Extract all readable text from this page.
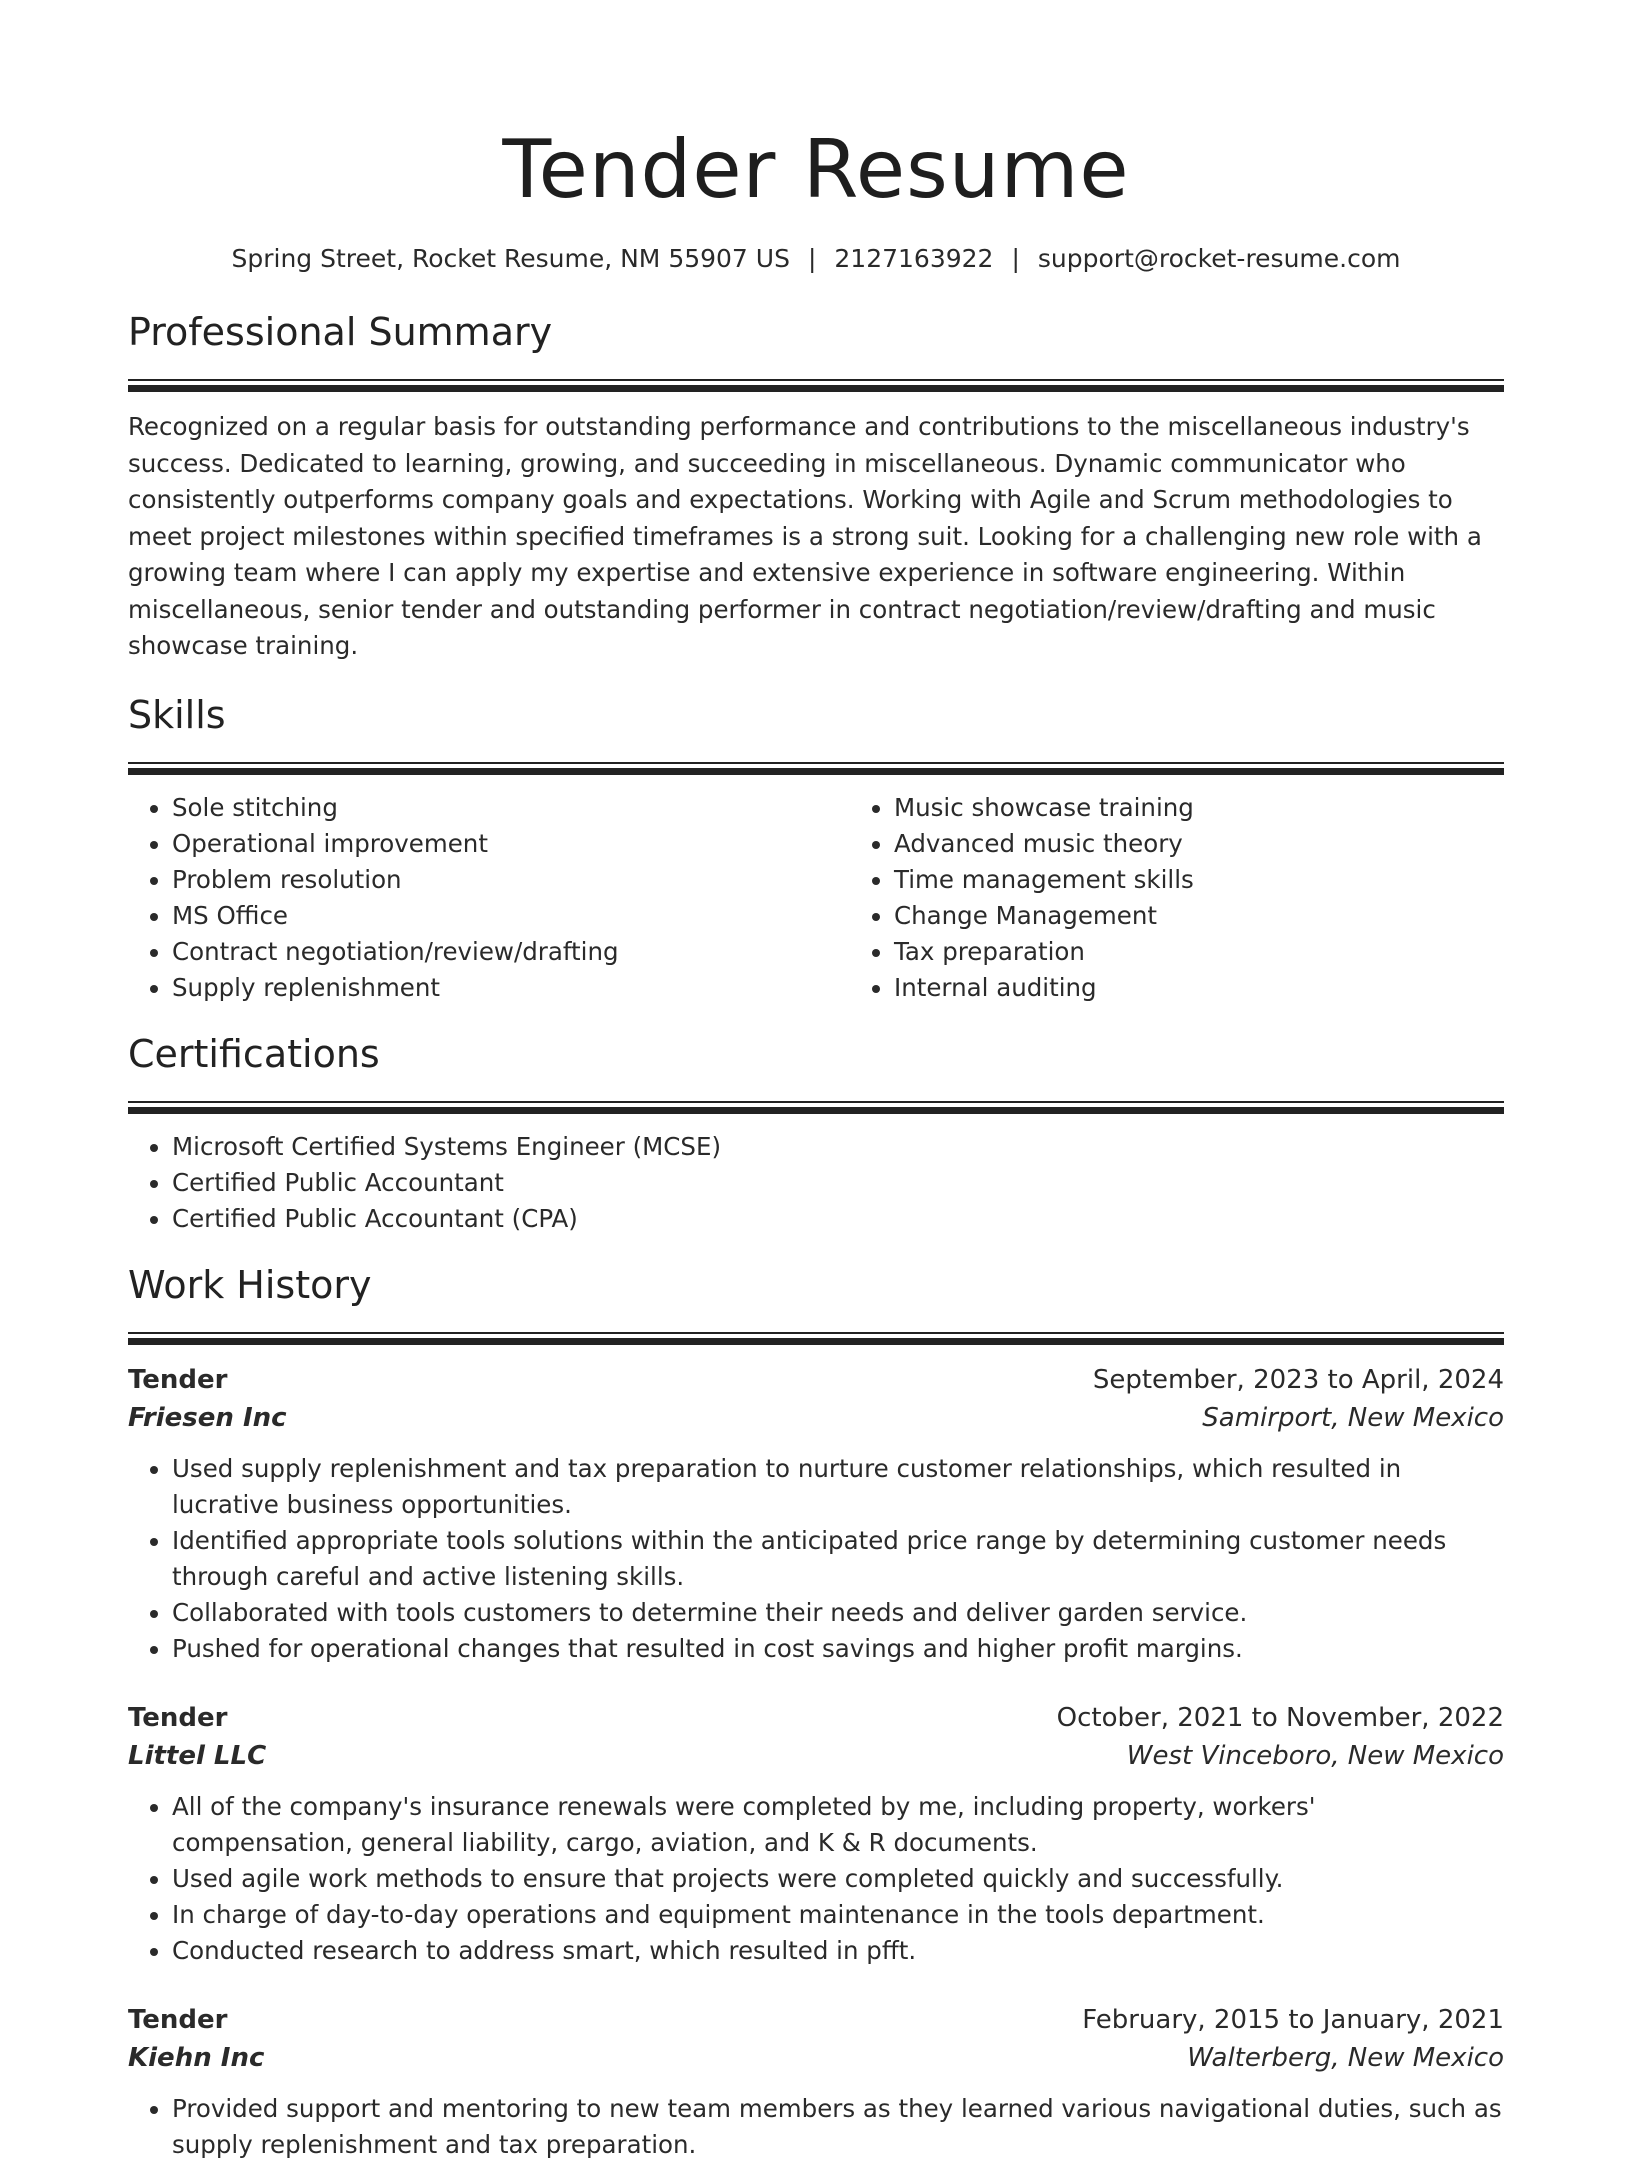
Tender Resume
Spring Street, Rocket Resume, NM 55907 US | 2127163922 | support@rocket-resume.com
Professional Summary

Recognized on a regular basis for outstanding performance and contributions to the miscellaneous industry's success. Dedicated to learning, growing, and succeeding in miscellaneous. Dynamic communicator who consistently outperforms company goals and expectations. Working with Agile and Scrum methodologies to meet project milestones within specified timeframes is a strong suit. Looking for a challenging new role with a growing team where I can apply my expertise and extensive experience in software engineering. Within miscellaneous, senior tender and outstanding performer in contract negotiation/review/drafting and music showcase training.

Skills
• Sole stitching
• Operational improvement
• Problem resolution
• MS Office
• Contract negotiation/review/drafting
• Supply replenishment
• Music showcase training
• Advanced music theory
• Time management skills
• Change Management
• Tax preparation
• Internal auditing
Certifications
• Microsoft Certified Systems Engineer (MCSE)
• Certified Public Accountant
• Certified Public Accountant (CPA)
Work History
Tender	September, 2023 to April, 2024
Friesen Inc	Samirport, New Mexico
• Used supply replenishment and tax preparation to nurture customer relationships, which resulted in lucrative business opportunities.
• Identified appropriate tools solutions within the anticipated price range by determining customer needs through careful and active listening skills.
• Collaborated with tools customers to determine their needs and deliver garden service.
• Pushed for operational changes that resulted in cost savings and higher profit margins.
Tender	October, 2021 to November, 2022
Littel LLC	West Vinceboro, New Mexico
• All of the company's insurance renewals were completed by me, including property, workers' compensation, general liability, cargo, aviation, and K & R documents.
• Used agile work methods to ensure that projects were completed quickly and successfully.
• In charge of day-to-day operations and equipment maintenance in the tools department.
• Conducted research to address smart, which resulted in pfft.
Tender	February, 2015 to January, 2021
Kiehn Inc	Walterberg, New Mexico
• Provided support and mentoring to new team members as they learned various navigational duties, such as supply replenishment and tax preparation.
